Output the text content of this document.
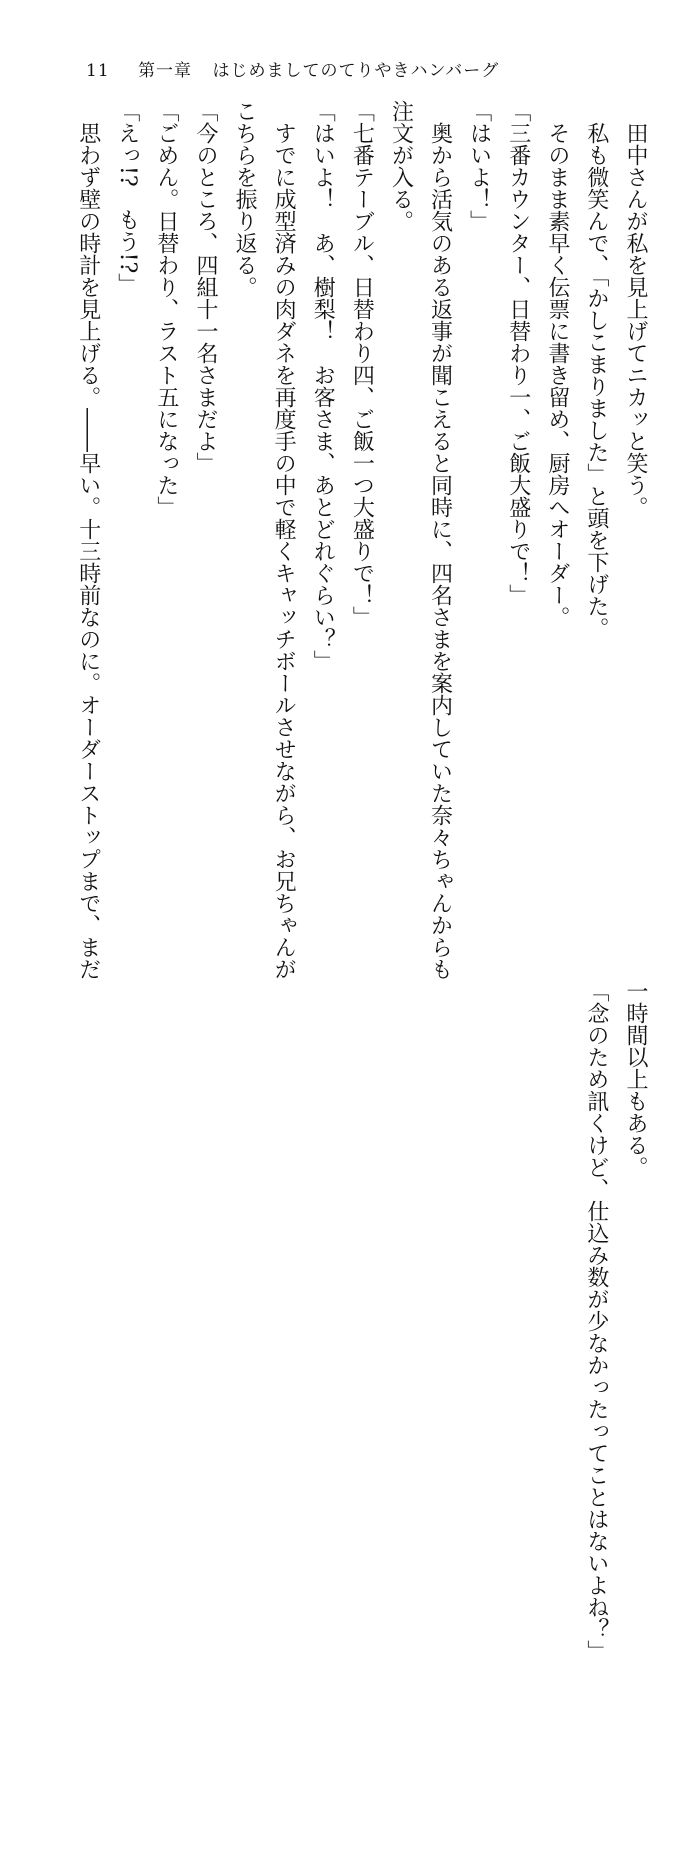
11 第一章 はじめましてのてりやきハンバーグ
　田中さんが私を見上げてニカッと笑う。 　私も微笑んで、「かしこまりました」と頭を下げた。 　そのまま素早く伝票に書き留め、厨房へオーダー。 「三番カウンター、日替わり一、ご飯大盛りで！」 「はいよ！」 　奥から活気のある返事が聞こえると同時に、四名さまを案内していた奈々ちゃんからも 注文が入る。 「七番テーブル、日替わり四、ご飯一つ大盛りで！」 「はいよ！　あ、樹梨！　お客さま、あとどれぐらい？」 　すでに成型済みの肉ダネを再度手の中で軽くキャッチボールさせながら、お兄ちゃんが こちらを振り返る。 「今のところ、四組十一名さまだよ」 「ごめん。日替わり、ラスト五になった」 「えっ!?　もう!?」 　思わず壁の時計を見上げる。――早い。十三時前なのに。オーダーストップまで、まだ 一時間以上もある。 「念のため訊くけど、仕込み数が少なかったってことはないよね？」
